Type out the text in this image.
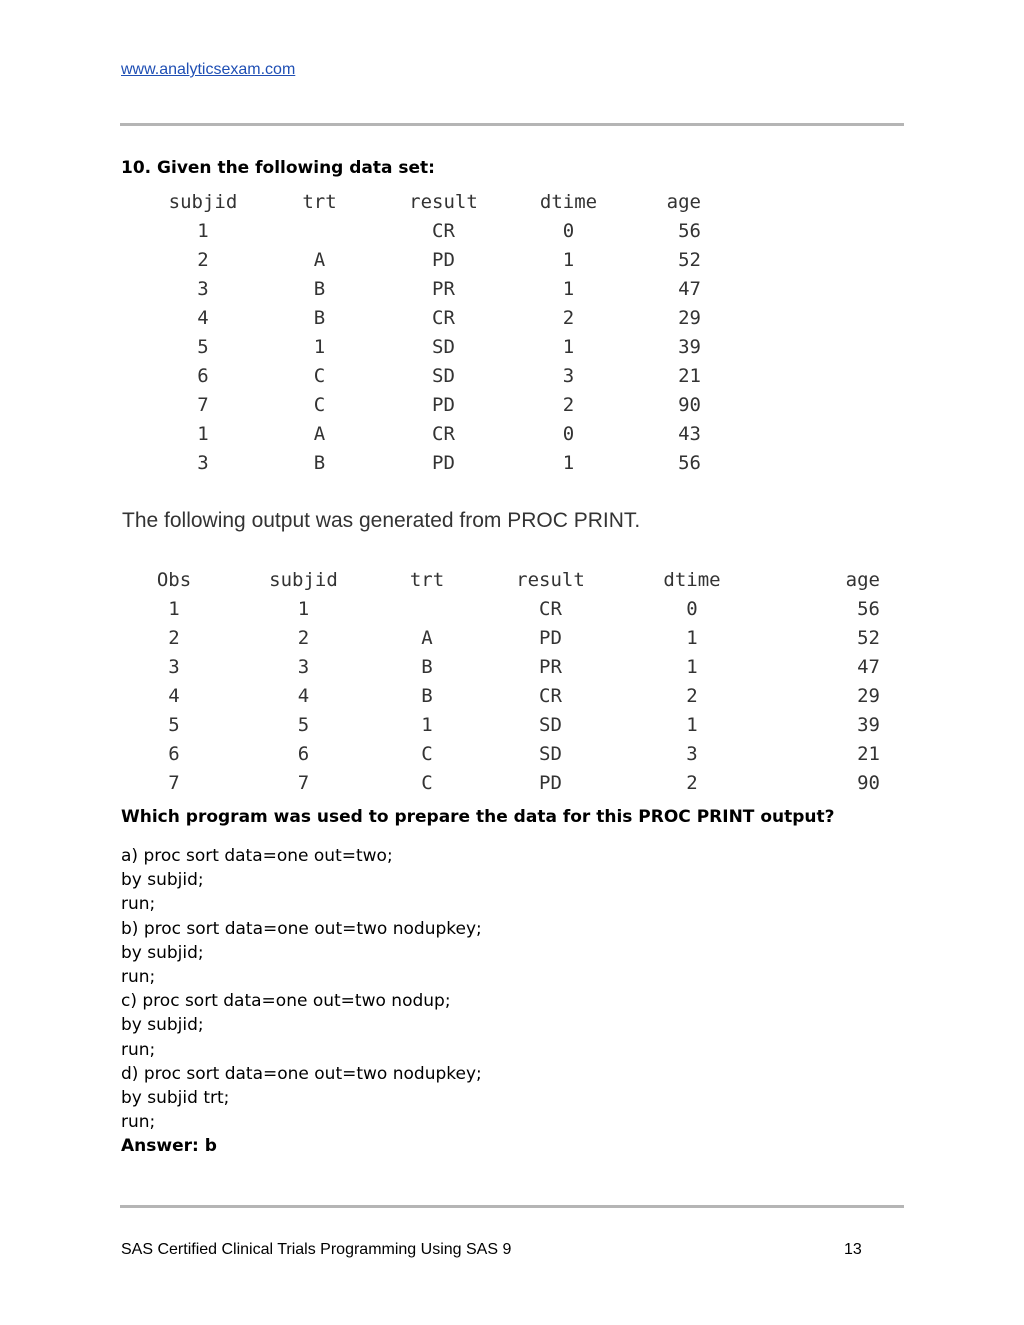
www.analyticsexam.com
10. Given the following data set:
subjid	trt	result	dtime	age
1		CR	0	56
2	A	PD	1	52
3	B	PR	1	47
4	B	CR	2	29
5	1	SD	1	39
6	C	SD	3	21
7	C	PD	2	90
1	A	CR	0	43
3	B	PD	1	56
The following output was generated from PROC PRINT.
Obs	subjid	trt	result	dtime	age
1	1		CR	0	56
2	2	A	PD	1	52
3	3	B	PR	1	47
4	4	B	CR	2	29
5	5	1	SD	1	39
6	6	C	SD	3	21
7	7	C	PD	2	90
Which program was used to prepare the data for this PROC PRINT output?
a) proc sort data=one out=two;
by subjid;
run;
b) proc sort data=one out=two nodupkey;
by subjid;
run;
c) proc sort data=one out=two nodup;
by subjid;
run;
d) proc sort data=one out=two nodupkey;
by subjid trt;
run;
Answer: b
SAS Certified Clinical Trials Programming Using SAS 9	13
